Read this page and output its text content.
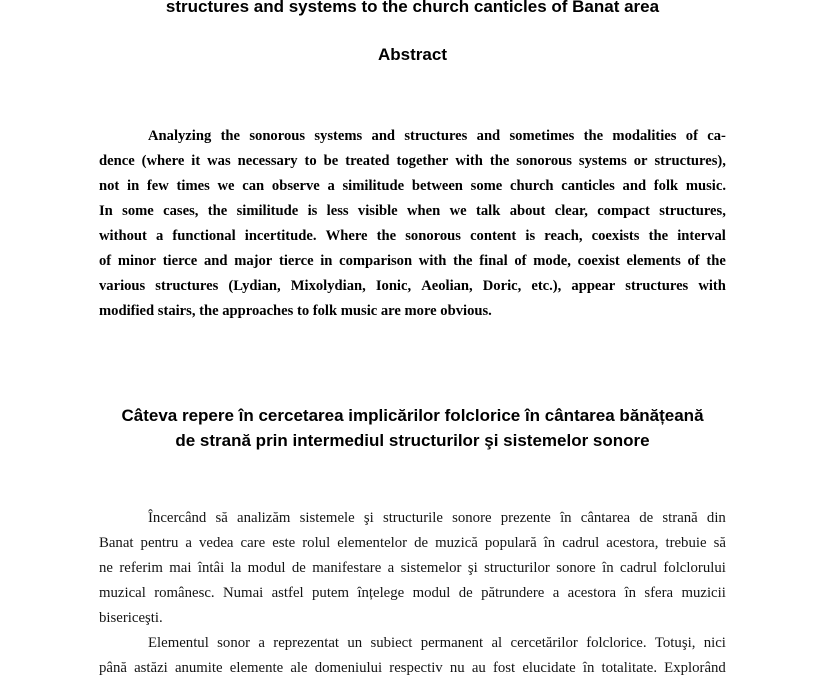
structures and systems to the church canticles of Banat area
Abstract
Analyzing the sonorous systems and structures and sometimes the modalities of ca-
dence (where it was necessary to be treated together with the sonorous systems or structures),
not in few times we can observe a similitude between some church canticles and folk music.
In some cases, the similitude is less visible when we talk about clear, compact structures,
without a functional incertitude. Where the sonorous content is reach, coexists the interval
of minor tierce and major tierce in comparison with the final of mode, coexist elements of the
various structures (Lydian, Mixolydian, Ionic, Aeolian, Doric, etc.), appear structures with
modified stairs, the approaches to folk music are more obvious.
Câteva repere în cercetarea implicărilor folclorice în cântarea bănățeană
de strană prin intermediul structurilor şi sistemelor sonore
Încercând să analizăm sistemele şi structurile sonore prezente în cântarea de strană din
Banat pentru a vedea care este rolul elementelor de muzică populară în cadrul acestora, trebuie să
ne referim mai întâi la modul de manifestare a sistemelor şi structurilor sonore în cadrul folclorului
muzical românesc. Numai astfel putem înțelege modul de pătrundere a acestora în sfera muzicii
bisericeşti.
Elementul sonor a reprezentat un subiect permanent al cercetărilor folclorice. Totuşi, nici
până astăzi anumite elemente ale domeniului respectiv nu au fost elucidate în totalitate. Explorând
